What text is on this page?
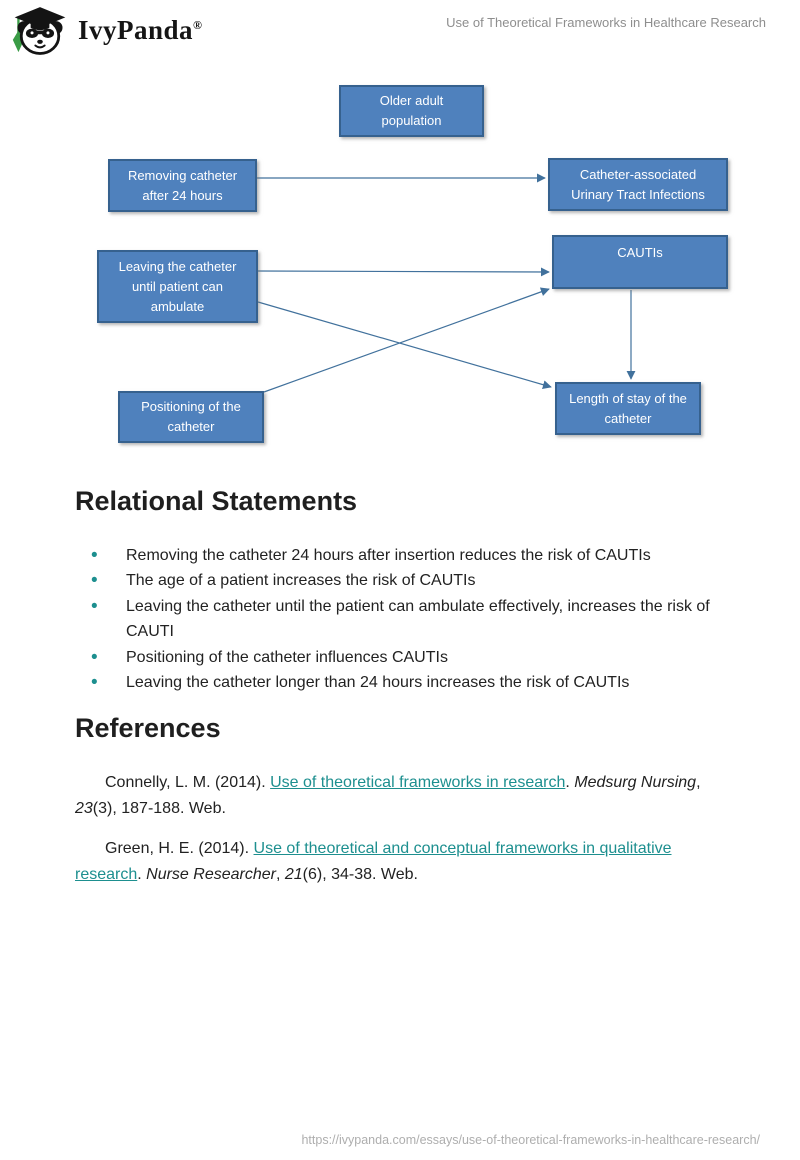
IvyPanda®	Use of Theoretical Frameworks in Healthcare Research
Older adult population
Removing catheter after 24 hours
Catheter-associated Urinary Tract Infections
Leaving the catheter until patient can ambulate
CAUTIs
Positioning of the catheter
Length of stay of the catheter
Relational Statements
• Removing the catheter 24 hours after insertion reduces the risk of CAUTIs
• The age of a patient increases the risk of CAUTIs
• Leaving the catheter until the patient can ambulate effectively, increases the risk of CAUTI
• Positioning of the catheter influences CAUTIs
• Leaving the catheter longer than 24 hours increases the risk of CAUTIs
References

Connelly, L. M. (2014). Use of theoretical frameworks in research. Medsurg Nursing, 23(3), 187-188. Web.

Green, H. E. (2014). Use of theoretical and conceptual frameworks in qualitative research. Nurse Researcher, 21(6), 34-38. Web.

https://ivypanda.com/essays/use-of-theoretical-frameworks-in-healthcare-research/
